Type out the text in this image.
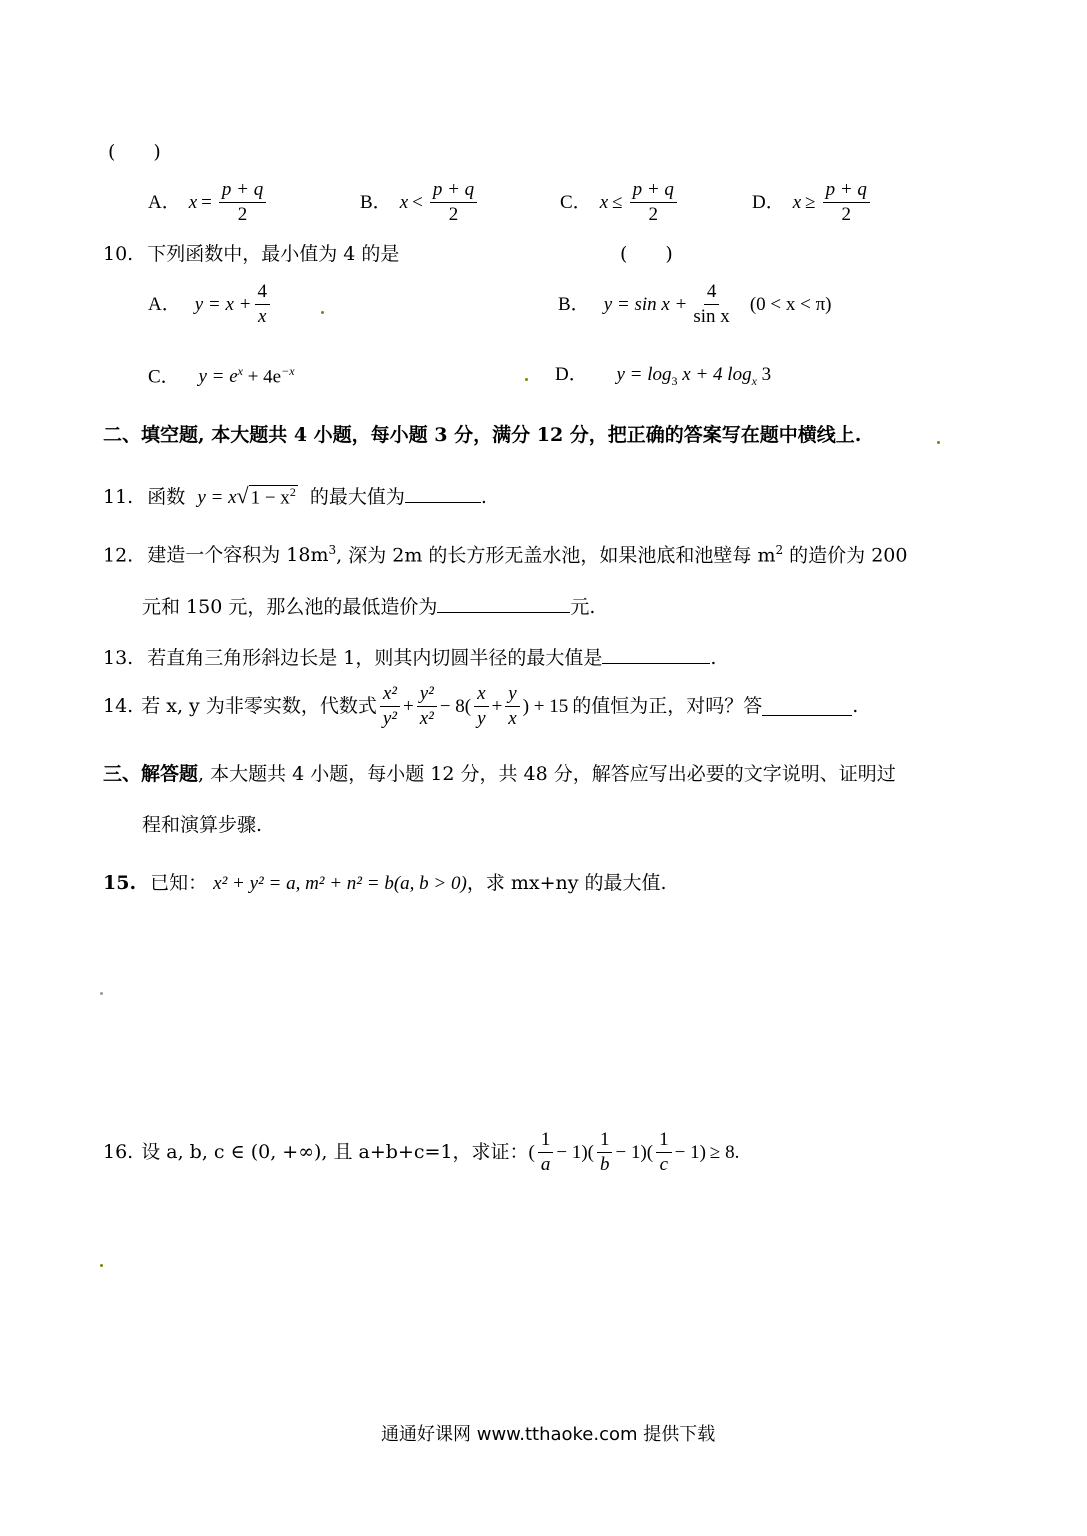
(　　)
A． $x = \frac{p + q}{2}$	B． $x < \frac{p + q}{2}$	C． $x \le \frac{p + q}{2}$	D． $x \ge \frac{p + q}{2}$
10. 下列函数中，最小值为 4 的是	(　　)
A． $y = x + \frac{4}{x}$	B． $y = \sin x + \frac{4}{\text{sin x}} (0 < x < \pi)$
C． $y = e^x + 4e^{-x}$	D． $y = \log_3 x + 4$ $\log_x 3$
二、填空题, 本大题共 4 小题，每小题 3 分，满分 12 分，把正确的答案写在题中横线上.
11. 函数 y = x √ $1 - x^2$ 的最大值为	.
12. 建造一个容积为 $18m^3$, 深为 2m 的长方形无盖水池，如果池底和池壁每 $m^2$ 的造价为 200
元和 150 元，那么池的最低造价为	元.
13. 若直角三角形斜边长是 1，则其内切圆半径的最大值是	.
14. 若 x, y 为非零实数，代数式 $\frac{\text{x²}}{\text{y²}} + \frac{\text{y²}}{\text{x²}} - 8( \frac{x}{y} + \frac{y}{x}$ ) + 15 的值恒为正，对吗？答	.
三、解答题, 本大题共 4 小题，每小题 12 分，共 48 分，解答应写出必要的文字说明、证明过
程和演算步骤.
15. 已知： x² + y² = a, m² + n² = b(a, b > 0)，求 mx+ny 的最大值.
16. 设 a, b, c ∈ (0, +∞), 且 a+b+c=1，求证： ( $\frac{1}{a} - 1)( \frac{1}{b} - 1)( \frac{1}{c} - 1) \ge 8$.
通通好课网 www.tthaoke.com 提供下载
